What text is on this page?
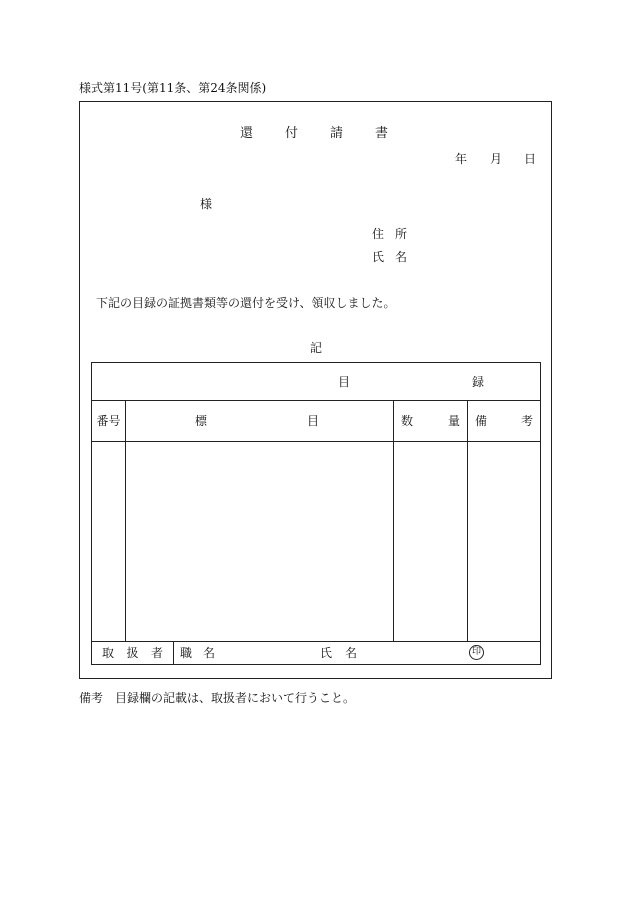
様式第11号(第11条、第24条関係)
還 付 請 書
年 月 日
様
住 所
氏 名
下記の目録の証拠書類等の還付を受け、領収しました。
記
目 録				

番号	標 目		数 量	備 考

取 扱 者		職 名 氏 名 印		
備考　目録欄の記載は、取扱者において行うこと。
